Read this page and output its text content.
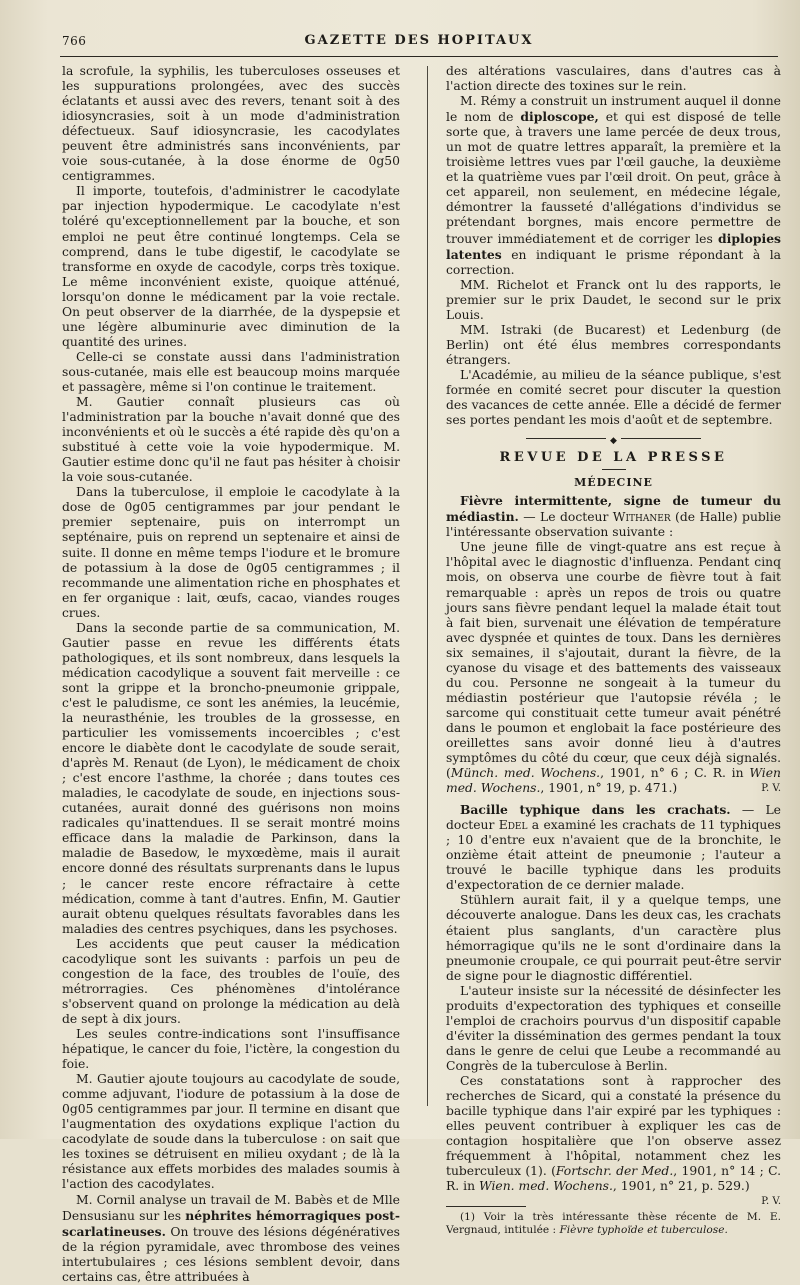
766	GAZETTE DES HOPITAUX

la scrofule, la syphilis, les tuberculoses osseuses et les suppurations prolongées, avec des succès éclatants et aussi avec des revers, tenant soit à des idiosyncrasies, soit à un mode d'administration défectueux. Sauf idiosyncrasie, les cacodylates peuvent être administrés sans inconvénients, par voie sous-cutanée, à la dose énorme de 0g50 centigrammes.

Il importe, toutefois, d'administrer le cacodylate par injection hypodermique. Le cacodylate n'est toléré qu'exceptionnellement par la bouche, et son emploi ne peut être continué longtemps. Cela se comprend, dans le tube digestif, le cacodylate se transforme en oxyde de cacodyle, corps très toxique. Le même inconvénient existe, quoique atténué, lorsqu'on donne le médicament par la voie rectale. On peut observer de la diarrhée, de la dyspepsie et une légère albuminurie avec diminution de la quantité des urines.

Celle-ci se constate aussi dans l'administration sous-cutanée, mais elle est beaucoup moins marquée et passagère, même si l'on continue le traitement.

M. Gautier connaît plusieurs cas où l'administration par la bouche n'avait donné que des inconvénients et où le succès a été rapide dès qu'on a substitué à cette voie la voie hypodermique. M. Gautier estime donc qu'il ne faut pas hésiter à choisir la voie sous-cutanée.

Dans la tuberculose, il emploie le cacodylate à la dose de 0g05 centigrammes par jour pendant le premier septenaire, puis on interrompt un septénaire, puis on reprend un septenaire et ainsi de suite. Il donne en même temps l'iodure et le bromure de potassium à la dose de 0g05 centigrammes ; il recommande une alimentation riche en phosphates et en fer organique : lait, œufs, cacao, viandes rouges crues.

Dans la seconde partie de sa communication, M. Gautier passe en revue les différents états pathologiques, et ils sont nombreux, dans lesquels la médication cacodylique a souvent fait merveille : ce sont la grippe et la broncho-pneumonie grippale, c'est le paludisme, ce sont les anémies, la leucémie, la neurasthénie, les troubles de la grossesse, en particulier les vomissements incoercibles ; c'est encore le diabète dont le cacodylate de soude serait, d'après M. Renaut (de Lyon), le médicament de choix ; c'est encore l'asthme, la chorée ; dans toutes ces maladies, le cacodylate de soude, en injections sous-cutanées, aurait donné des guérisons non moins radicales qu'inattendues. Il se serait montré moins efficace dans la maladie de Parkinson, dans la maladie de Basedow, le myxœdème, mais il aurait encore donné des résultats surprenants dans le lupus ; le cancer reste encore réfractaire à cette médication, comme à tant d'autres. Enfin, M. Gautier aurait obtenu quelques résultats favorables dans les maladies des centres psychiques, dans les psychoses.

Les accidents que peut causer la médication cacodylique sont les suivants : parfois un peu de congestion de la face, des troubles de l'ouïe, des métrorragies. Ces phénomènes d'intolérance s'observent quand on prolonge la médication au delà de sept à dix jours.

Les seules contre-indications sont l'insuffisance hépatique, le cancer du foie, l'ictère, la congestion du foie.

M. Gautier ajoute toujours au cacodylate de soude, comme adjuvant, l'iodure de potassium à la dose de 0g05 centigrammes par jour. Il termine en disant que l'augmentation des oxydations explique l'action du cacodylate de soude dans la tuberculose : on sait que les toxines se détruisent en milieu oxydant ; de là la résistance aux effets morbides des malades soumis à l'action des cacodylates.

M. Cornil analyse un travail de M. Babès et de Mlle Densusianu sur les néphrites hémorragiques post-scarlatineuses. On trouve des lésions dégénératives de la région pyramidale, avec thrombose des veines intertubulaires ; ces lésions semblent devoir, dans certains cas, être attribuées à

des altérations vasculaires, dans d'autres cas à l'action directe des toxines sur le rein.

M. Rémy a construit un instrument auquel il donne le nom de diploscope, et qui est disposé de telle sorte que, à travers une lame percée de deux trous, un mot de quatre lettres apparaît, la première et la troisième lettres vues par l'œil gauche, la deuxième et la quatrième vues par l'œil droit. On peut, grâce à cet appareil, non seulement, en médecine légale, démontrer la fausseté d'allégations d'individus se prétendant borgnes, mais encore permettre de trouver immédiatement et de corriger les diplopies latentes en indiquant le prisme répondant à la correction.

MM. Richelot et Franck ont lu des rapports, le premier sur le prix Daudet, le second sur le prix Louis.

MM. Istraki (de Bucarest) et Ledenburg (de Berlin) ont été élus membres correspondants étrangers.

L'Académie, au milieu de la séance publique, s'est formée en comité secret pour discuter la question des vacances de cette année. Elle a décidé de fermer ses portes pendant les mois d'août et de septembre.

◆
REVUE DE LA PRESSE
MÉDECINE

Fièvre intermittente, signe de tumeur du médiastin. — Le docteur Withaner (de Halle) publie l'intéressante observation suivante :

Une jeune fille de vingt-quatre ans est reçue à l'hôpital avec le diagnostic d'influenza. Pendant cinq mois, on observa une courbe de fièvre tout à fait remarquable : après un repos de trois ou quatre jours sans fièvre pendant lequel la malade était tout à fait bien, survenait une élévation de température avec dyspnée et quintes de toux. Dans les dernières six semaines, il s'ajoutait, durant la fièvre, de la cyanose du visage et des battements des vaisseaux du cou. Personne ne songeait à la tumeur du médiastin postérieur que l'autopsie révéla ; le sarcome qui constituait cette tumeur avait pénétré dans le poumon et englobait la face postérieure des oreillettes sans avoir donné lieu à d'autres symptômes du côté du cœur, que ceux déjà signalés. (Münch. med. Wochens., 1901, n° 6 ; C. R. in Wien med. Wochens., 1901, n° 19, p. 471.)	P. V.

Bacille typhique dans les crachats. — Le docteur Edel a examiné les crachats de 11 typhiques ; 10 d'entre eux n'avaient que de la bronchite, le onzième était atteint de pneumonie ; l'auteur a trouvé le bacille typhique dans les produits d'expectoration de ce dernier malade.

Stühlern aurait fait, il y a quelque temps, une découverte analogue. Dans les deux cas, les crachats étaient plus sanglants, d'un caractère plus hémorragique qu'ils ne le sont d'ordinaire dans la pneumonie croupale, ce qui pourrait peut-être servir de signe pour le diagnostic différentiel.

L'auteur insiste sur la nécessité de désinfecter les produits d'expectoration des typhiques et conseille l'emploi de crachoirs pourvus d'un dispositif capable d'éviter la dissémination des germes pendant la toux dans le genre de celui que Leube a recommandé au Congrès de la tuberculose à Berlin.

Ces constatations sont à rapprocher des recherches de Sicard, qui a constaté la présence du bacille typhique dans l'air expiré par les typhiques : elles peuvent contribuer à expliquer les cas de contagion hospitalière que l'on observe assez fréquemment à l'hôpital, notamment chez les tuberculeux (1). (Fortschr. der Med., 1901, n° 14 ; C. R. in Wien. med. Wochens., 1901, n° 21, p. 529.)
P. V.

(1) Voir la très intéressante thèse récente de M. E. Vergnaud, intitulée : Fièvre typhoïde et tuberculose.
